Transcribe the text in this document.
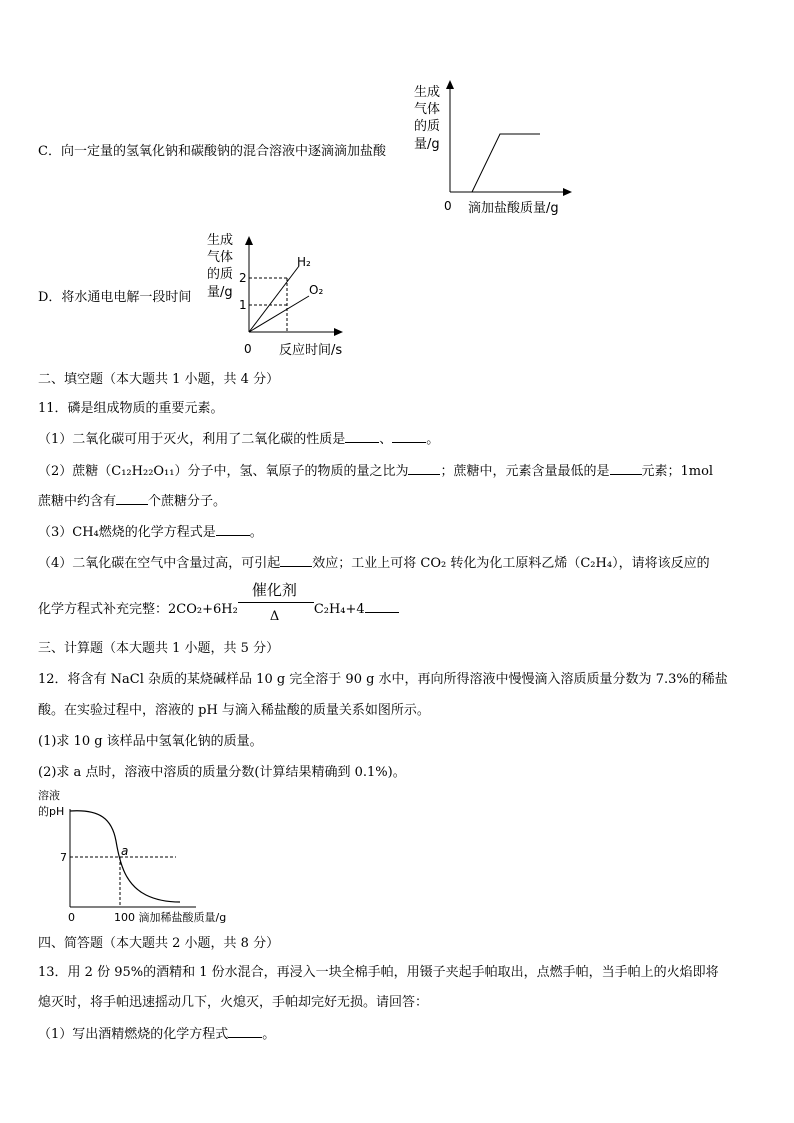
C．向一定量的氢氧化钠和碳酸钠的混合溶液中逐滴滴加盐酸
生成
气体
的质
量/g
0 滴加盐酸质量/g
D．将水通电电解一段时间
生成
气体
的质
量/g
2
1
H₂
O₂
0 反应时间/s
二、填空题（本大题共 1 小题，共 4 分）
11．磷是组成物质的重要元素。
（1）二氧化碳可用于灭火，利用了二氧化碳的性质是	、	。
（2）蔗糖（C₁₂H₂₂O₁₁）分子中，氢、氧原子的物质的量之比为 ；蔗糖中，元素含量最低的是 元素；1mol
蔗糖中约含有 个蔗糖分子。
（3）CH₄燃烧的化学方程式是	。
（4）二氧化碳在空气中含量过高，可引起 效应；工业上可将 CO₂ 转化为化工原料乙烯（C₂H₄），请将该反应的
化学方程式补充完整：2CO₂+6H₂
催化剂
Δ	C₂H₄+4
三、计算题（本大题共 1 小题，共 5 分）
12．将含有 NaCl 杂质的某烧碱样品 10 g 完全溶于 90 g 水中，再向所得溶液中慢慢滴入溶质质量分数为 7.3%的稀盐
酸。在实验过程中，溶液的 pH 与滴入稀盐酸的质量关系如图所示。
(1)求 10 g 该样品中氢氧化钠的质量。
(2)求 a 点时，溶液中溶质的质量分数(计算结果精确到 0.1%)。
溶液
的pH
7	a
0	100 滴加稀盐酸质量/g
四、简答题（本大题共 2 小题，共 8 分）
13．用 2 份 95%的酒精和 1 份水混合，再浸入一块全棉手帕，用镊子夹起手帕取出，点燃手帕，当手帕上的火焰即将
熄灭时，将手帕迅速摇动几下，火熄灭，手帕却完好无损。请回答：
（1）写出酒精燃烧的化学方程式	。
